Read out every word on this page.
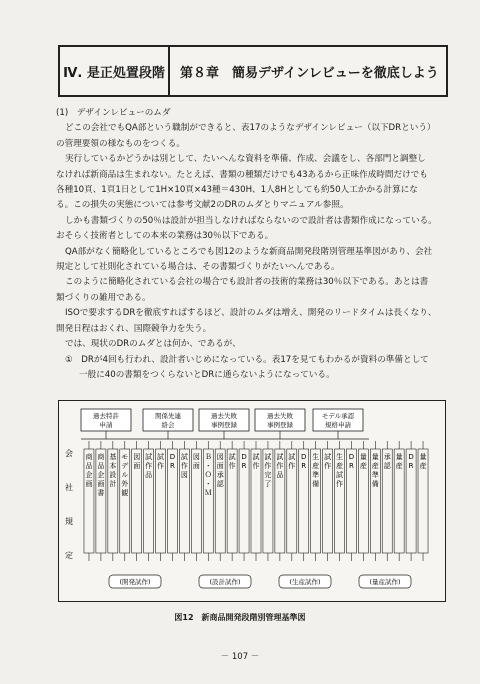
Ⅳ. 是正処置段階	第８章　簡易デザインレビューを徹底しよう

(1)　デザインレビューのムダ

どこの会社でもQA部という職制ができると、表17のようなデザインレビュー（以下DRという）

の管理要領の様なものをつくる。

実行しているかどうかは別として、たいへんな資料を準備、作成、会議をし、各部門と調整し

なければ新商品は生まれない。たとえば、書類の種類だけでも43あるから正味作成時間だけでも

各種10頁、1頁1日として1H×10頁×43種＝430H、1人8Hとしても約50人工かかる計算にな

る。この損失の実態については参考文献2のDRのムダとりマニュアル参照。

しかも書類づくりの50％は設計が担当しなければならないので設計者は書類作成になっている。

おそらく技術者としての本来の業務は30％以下である。

QA部がなく簡略化しているところでも図12のような新商品開発段階別管理基準図があり、会社

規定として社則化されている場合は、その書類づくりがたいへんである。

このように簡略化されている会社の場合でも設計者の技術的業務は30％以下である。あとは書

類づくりの雑用である。

ISOで要求するDRを徹底すればするほど、設計のムダは増え、開発のリードタイムは長くなり、

開発日程はおくれ、国際競争力を失う。

では、現状のDRのムダとは何か、であるが、

①　DRが4回も行われ、設計者いじめになっている。表17を見てもわかるが資料の準備として

一般に40の書類をつくらないとDRに通らないようになっている。

会
社
規
定
過去特許
申請
関係先連
絡会
過去失敗
事例登録
過去失敗
事例登録
モデル承認
規格申請
商
品
企
画
商
品
企
画
書
基
本
設
計
モ
デ
ル
外
観
図
面
試
作
品
試
作
D
R
試
作
図
図
面
Ｂ
・
Ｏ
・
Ｍ
図
面
承
認
試
作
D
R
試
作
試
作
完
了
試
作
品
試
作
D
R
生
産
準
備
試
作
生
産
試
作
D
R
量
産
量
産
準
備
承
認
量
産
D
R
量
産
(開発試作)	(設計試作)	(生産試作)	(量産試作)
図12　新商品開発段階別管理基準図
－ 107 －
